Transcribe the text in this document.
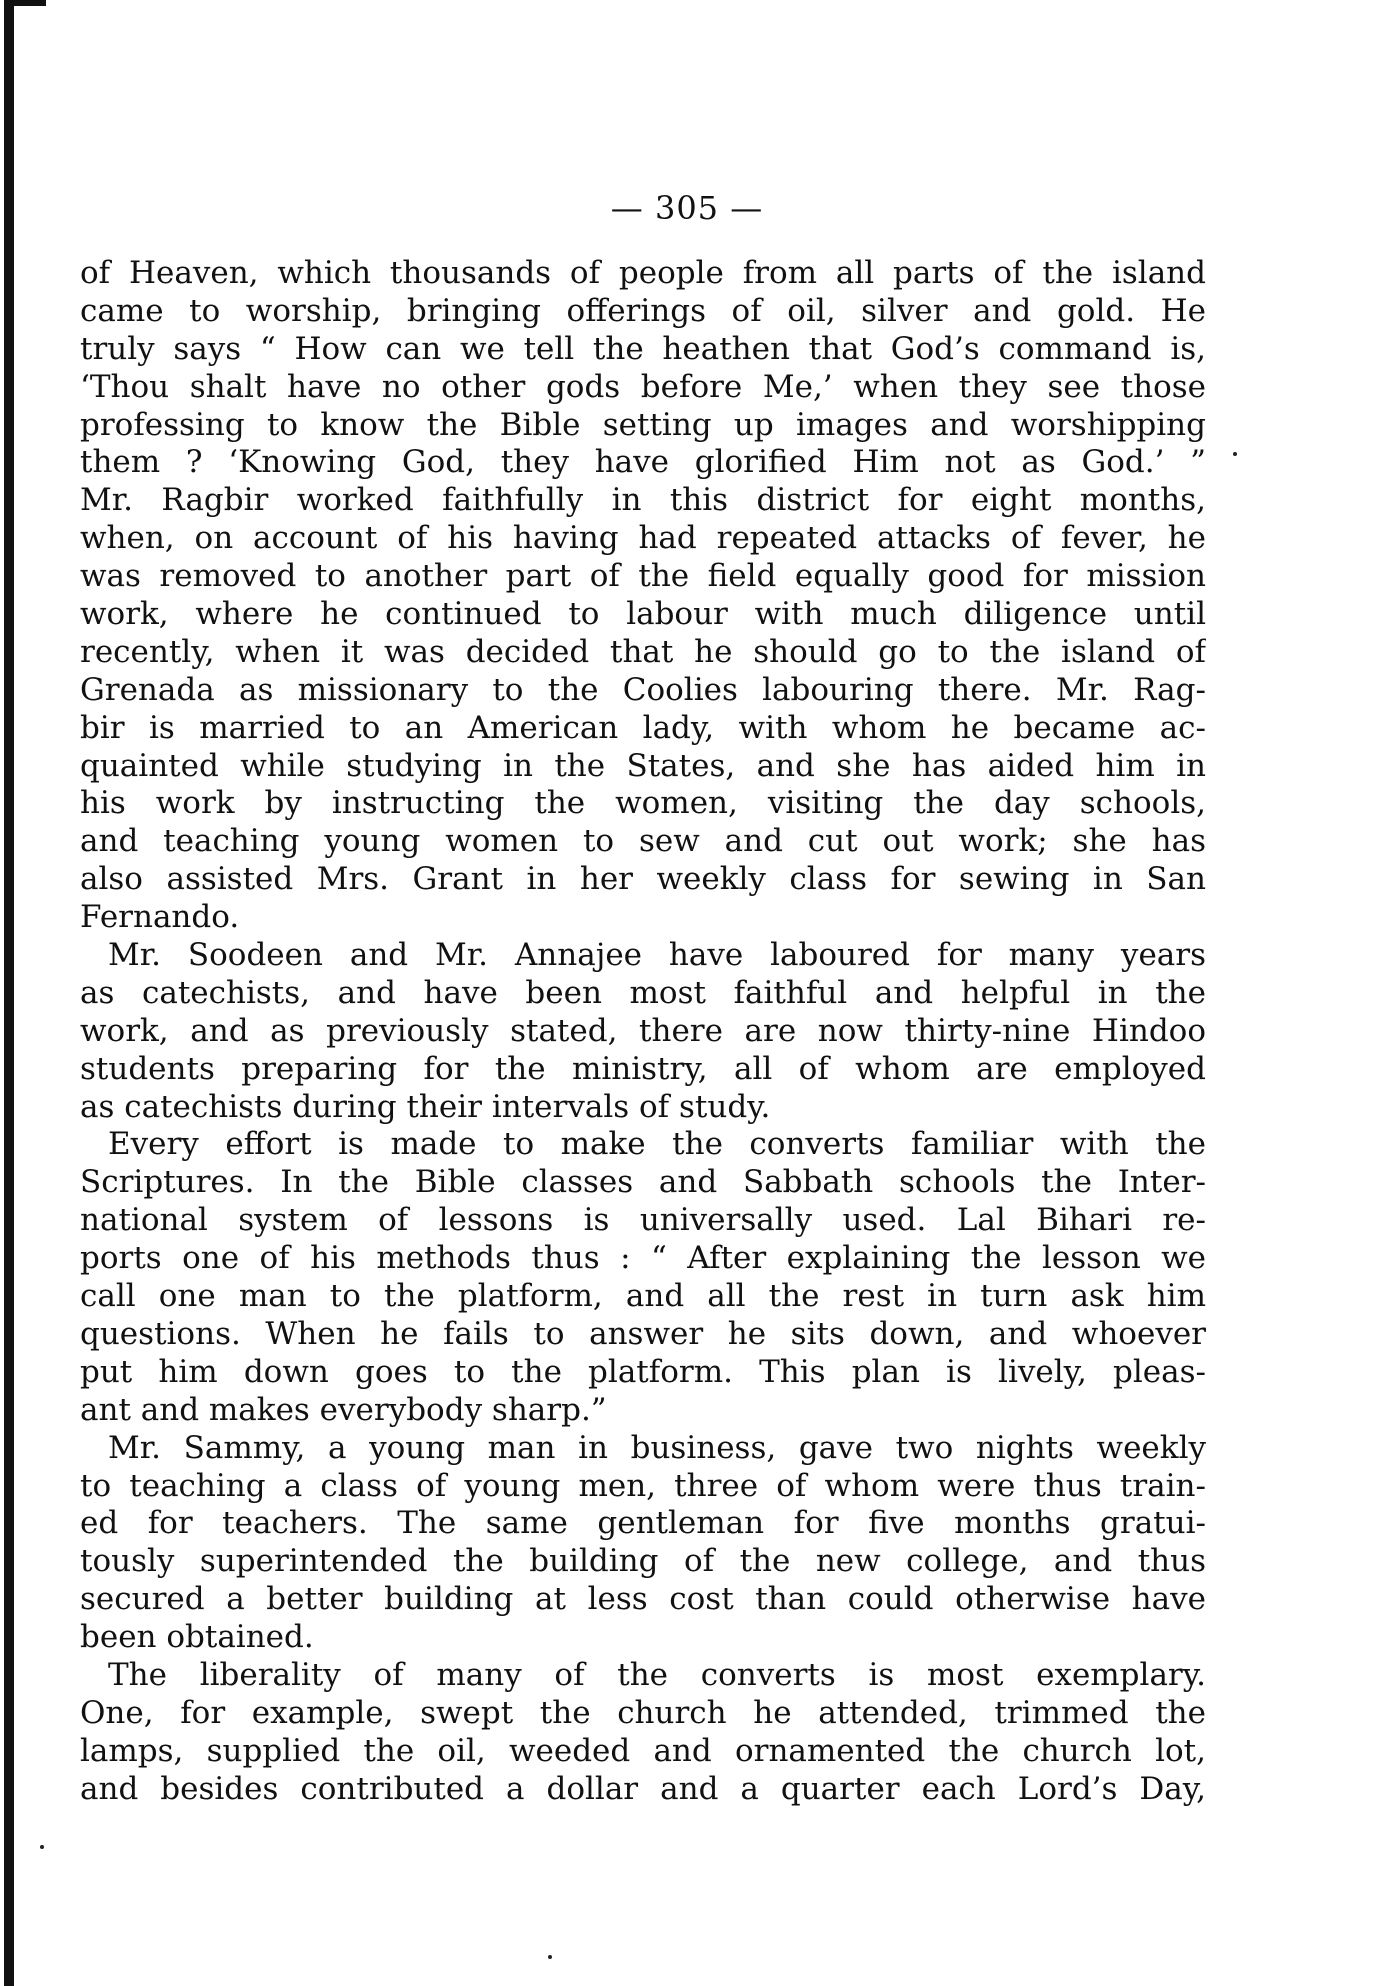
— 305 —
of Heaven, which thousands of people from all parts of the island
came to worship, bringing offerings of oil, silver and gold. He
truly says “ How can we tell the heathen that God’s command is,
‘Thou shalt have no other gods before Me,’ when they see those
professing to know the Bible setting up images and worshipping
them ? ‘Knowing God, they have glorified Him not as God.’ ”
Mr. Ragbir worked faithfully in this district for eight months,
when, on account of his having had repeated attacks of fever, he
was removed to another part of the field equally good for mission
work, where he continued to labour with much diligence until
recently, when it was decided that he should go to the island of
Grenada as missionary to the Coolies labouring there. Mr. Rag-
bir is married to an American lady, with whom he became ac-
quainted while studying in the States, and she has aided him in
his work by instructing the women, visiting the day schools,
and teaching young women to sew and cut out work; she has
also assisted Mrs. Grant in her weekly class for sewing in San
Fernando.
Mr. Soodeen and Mr. Annajee have laboured for many years
as catechists, and have been most faithful and helpful in the
work, and as previously stated, there are now thirty-nine Hindoo
students preparing for the ministry, all of whom are employed
as catechists during their intervals of study.
Every effort is made to make the converts familiar with the
Scriptures. In the Bible classes and Sabbath schools the Inter-
national system of lessons is universally used. Lal Bihari re-
ports one of his methods thus : “ After explaining the lesson we
call one man to the platform, and all the rest in turn ask him
questions. When he fails to answer he sits down, and whoever
put him down goes to the platform. This plan is lively, pleas-
ant and makes everybody sharp.”
Mr. Sammy, a young man in business, gave two nights weekly
to teaching a class of young men, three of whom were thus train-
ed for teachers. The same gentleman for five months gratui-
tously superintended the building of the new college, and thus
secured a better building at less cost than could otherwise have
been obtained.
The liberality of many of the converts is most exemplary.
One, for example, swept the church he attended, trimmed the
lamps, supplied the oil, weeded and ornamented the church lot,
and besides contributed a dollar and a quarter each Lord’s Day,
